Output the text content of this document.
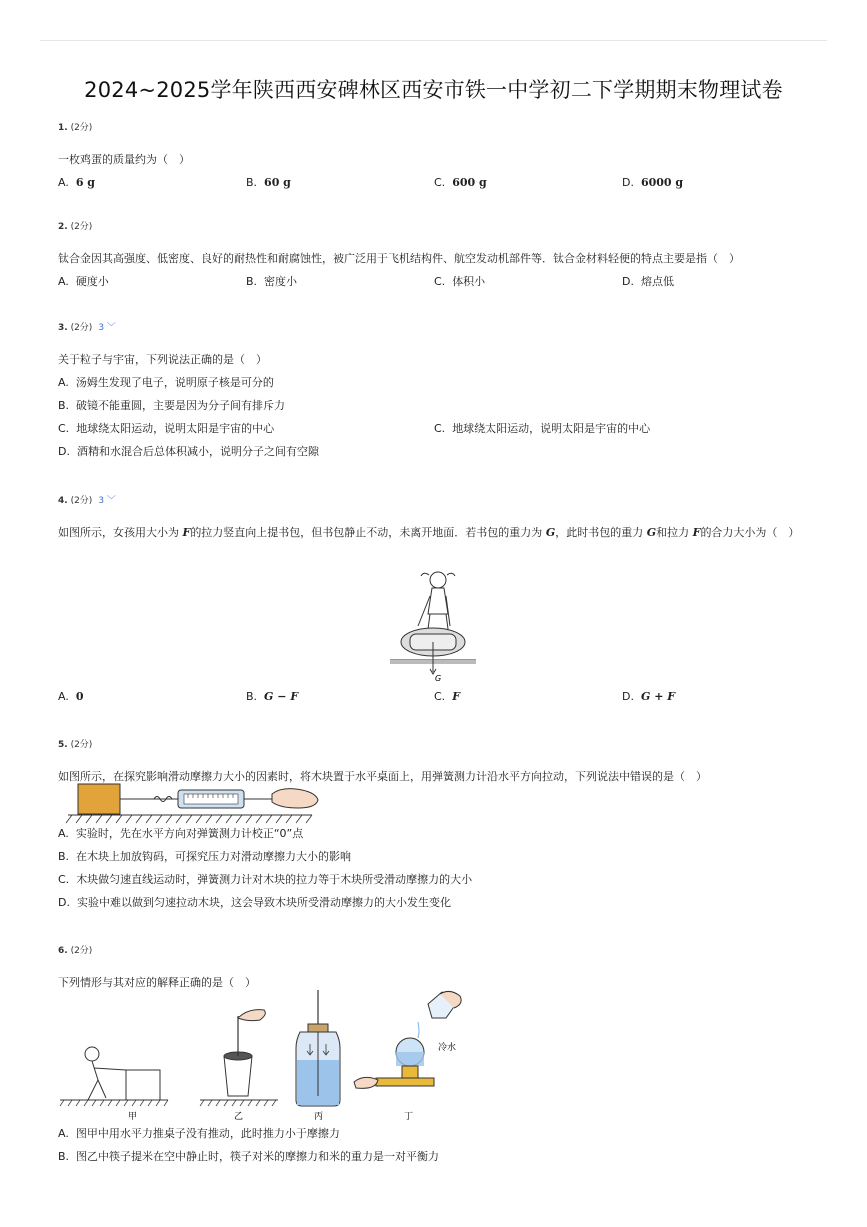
2024~2025学年陕西西安碑林区西安市铁一中学初二下学期期末物理试卷
1. (2分)
一枚鸡蛋的质量约为（　）
A. 6 g	B. 60 g	C. 600 g	D. 6000 g
2. (2分)
钛合金因其高强度、低密度、良好的耐热性和耐腐蚀性，被广泛用于飞机结构件、航空发动机部件等．钛合金材料轻便的特点主要是指（　）
A. 硬度小	B. 密度小	C. 体积小	D. 熔点低
3. (2分) 3 ﹀
关于粒子与宇宙，下列说法正确的是（　）
A. 汤姆生发现了电子，说明原子核是可分的
B. 破镜不能重圆，主要是因为分子间有排斥力
C. 地球绕太阳运动，说明太阳是宇宙的中心	C. 地球绕太阳运动，说明太阳是宇宙的中心
D. 酒精和水混合后总体积减小，说明分子之间有空隙
4. (2分) 3 ﹀
如图所示，女孩用大小为 F的拉力竖直向上提书包，但书包静止不动，未离开地面．若书包的重力为 G，此时书包的重力 G和拉力 F的合力大小为（　）
G
A. 0	B. G − F	C. F	D. G + F
5. (2分)
如图所示，在探究影响滑动摩擦力大小的因素时，将木块置于水平桌面上，用弹簧测力计沿水平方向拉动，下列说法中错误的是（　）
A. 实验时，先在水平方向对弹簧测力计校正“0”点
B. 在木块上加放钩码，可探究压力对滑动摩擦力大小的影响
C. 木块做匀速直线运动时，弹簧测力计对木块的拉力等于木块所受滑动摩擦力的大小
D. 实验中难以做到匀速拉动木块，这会导致木块所受滑动摩擦力的大小发生变化
6. (2分)
下列情形与其对应的解释正确的是（　）
甲	乙	丙
冷水
丁
A. 图甲中用水平力推桌子没有推动，此时推力小于摩擦力
B. 图乙中筷子提米在空中静止时，筷子对米的摩擦力和米的重力是一对平衡力
